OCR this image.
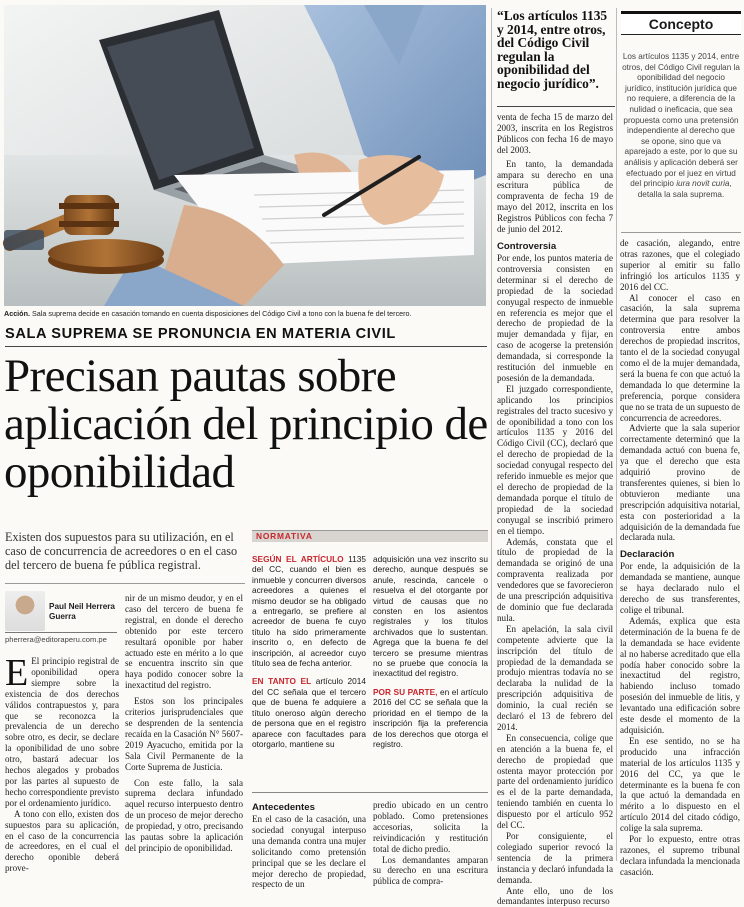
Acción. Sala suprema decide en casación tomando en cuenta disposiciones del Código Civil a tono con la buena fe del tercero.
SALA SUPREMA SE PRONUNCIA EN MATERIA CIVIL
Precisan pautas sobre aplicación del principio de oponibilidad
Existen dos supuestos para su utilización, en el caso de concurrencia de acreedores o en el caso del tercero de buena fe pública registral.
Paul Neil Herrera Guerra
pherrera@editoraperu.com.pe

E El principio registral de oponibilidad opera siempre sobre la existencia de dos derechos válidos contrapuestos y, para que se reconozca la prevalencia de un derecho sobre otro, es decir, se declare la oponibilidad de uno sobre otro, bastará adecuar los hechos alegados y probados por las partes al supuesto de hecho correspondiente previsto por el ordenamiento jurídico.

A tono con ello, existen dos supuestos para su aplicación, en el caso de la concurrencia de acreedores, en el cual el derecho oponible deberá prove-

nir de un mismo deudor, y en el caso del tercero de buena fe registral, en donde el derecho obtenido por este tercero resultará oponible por haber actuado este en mérito a lo que se encuentra inscrito sin que haya podido conocer sobre la inexactitud del registro.

Estos son los principales criterios jurisprudenciales que se desprenden de la sentencia recaída en la Casación N° 5607-2019 Ayacucho, emitida por la Sala Civil Permanente de la Corte Suprema de Justicia.

Con este fallo, la sala suprema declara infundado aquel recurso interpuesto dentro de un proceso de mejor derecho de propiedad, y otro, precisando las pautas sobre la aplicación del principio de oponibilidad.

NORMATIVA

SEGÚN EL ARTÍCULO 1135 del CC, cuando el bien es inmueble y concurren diversos acreedores a quienes el mismo deudor se ha obligado a entregarlo, se prefiere al acreedor de buena fe cuyo título ha sido primeramente inscrito o, en defecto de inscripción, al acreedor cuyo título sea de fecha anterior.

EN TANTO EL artículo 2014 del CC señala que el tercero que de buena fe adquiere a título oneroso algún derecho de persona que en el registro aparece con facultades para otorgarlo, mantiene su

adquisición una vez inscrito su derecho, aunque después se anule, rescinda, cancele o resuelva el del otorgante por virtud de causas que no consten en los asientos registrales y los títulos archivados que lo sustentan. Agrega que la buena fe del tercero se presume mientras no se pruebe que conocía la inexactitud del registro.

POR SU PARTE, en el artículo 2016 del CC se señala que la prioridad en el tiempo de la inscripción fija la preferencia de los derechos que otorga el registro.

Antecedentes

En el caso de la casación, una sociedad conyugal interpuso una demanda contra una mujer solicitando como pretensión principal que se les declare el mejor derecho de propiedad, respecto de un

predio ubicado en un centro poblado. Como pretensiones accesorias, solicita la reivindicación y restitución total de dicho predio.

Los demandantes amparan su derecho en una escritura pública de compra-

“Los artículos 1135 y 2014, entre otros, del Código Civil regulan la oponibilidad del negocio jurídico”.

venta de fecha 15 de marzo del 2003, inscrita en los Registros Públicos con fecha 16 de mayo del 2003.

En tanto, la demandada ampara su derecho en una escritura pública de compraventa de fecha 19 de mayo del 2012, inscrita en los Registros Públicos con fecha 7 de junio del 2012.

Controversia

Por ende, los puntos materia de controversia consisten en determinar si el derecho de propiedad de la sociedad conyugal respecto de inmueble en referencia es mejor que el derecho de propiedad de la mujer demandada y fijar, en caso de acogerse la pretensión demandada, si corresponde la restitución del inmueble en posesión de la demandada.

El juzgado correspondiente, aplicando los principios registrales del tracto sucesivo y de oponibilidad a tono con los artículos 1135 y 2016 del Código Civil (CC), declaró que el derecho de propiedad de la sociedad conyugal respecto del referido inmueble es mejor que el derecho de propiedad de la demandada porque el título de propiedad de la sociedad conyugal se inscribió primero en el tiempo.

Además, constata que el título de propiedad de la demandada se originó de una compraventa realizada por vendedores que se favorecieron de una prescripción adquisitiva de dominio que fue declarada nula.

En apelación, la sala civil competente advierte que la inscripción del título de propiedad de la demandada se produjo mientras todavía no se declaraba la nulidad de la prescripción adquisitiva de dominio, la cual recién se declaró el 13 de febrero del 2014.

En consecuencia, colige que en atención a la buena fe, el derecho de propiedad que ostenta mayor protección por parte del ordenamiento jurídico es el de la parte demandada, teniendo también en cuenta lo dispuesto por el artículo 952 del CC.

Por consiguiente, el colegiado superior revocó la sentencia de la primera instancia y declaró infundada la demanda.

Ante ello, uno de los demandantes interpuso recurso

Concepto
Los artículos 1135 y 2014, entre otros, del Código Civil regulan la oponibilidad del negocio jurídico, institución jurídica que no requiere, a diferencia de la nulidad o ineficacia, que sea propuesta como una pretensión independiente al derecho que se opone, sino que va aparejado a este, por lo que su análisis y aplicación deberá ser efectuado por el juez en virtud del principio iura novit curia, detalla la sala suprema.

de casación, alegando, entre otras razones, que el colegiado superior al emitir su fallo infringió los artículos 1135 y 2016 del CC.

Al conocer el caso en casación, la sala suprema determina que para resolver la controversia entre ambos derechos de propiedad inscritos, tanto el de la sociedad conyugal como el de la mujer demandada, será la buena fe con que actuó la demandada lo que determine la preferencia, porque considera que no se trata de un supuesto de concurrencia de acreedores.

Advierte que la sala superior correctamente determinó que la demandada actuó con buena fe, ya que el derecho que esta adquirió provino de transferentes quienes, si bien lo obtuvieron mediante una prescripción adquisitiva notarial, esta con posterioridad a la adquisición de la demandada fue declarada nula.

Declaración

Por ende, la adquisición de la demandada se mantiene, aunque se haya declarado nulo el derecho de sus transferentes, colige el tribunal.

Además, explica que esta determinación de la buena fe de la demandada se hace evidente al no haberse acreditado que ella podía haber conocido sobre la inexactitud del registro, habiendo incluso tomado posesión del inmueble de litis, y levantado una edificación sobre este desde el momento de la adquisición.

En ese sentido, no se ha producido una infracción material de los artículos 1135 y 2016 del CC, ya que le determinante es la buena fe con la que actuó la demandada en mérito a lo dispuesto en el artículo 2014 del citado código, colige la sala suprema.

Por lo expuesto, entre otras razones, el supremo tribunal declara infundada la mencionada casación.
